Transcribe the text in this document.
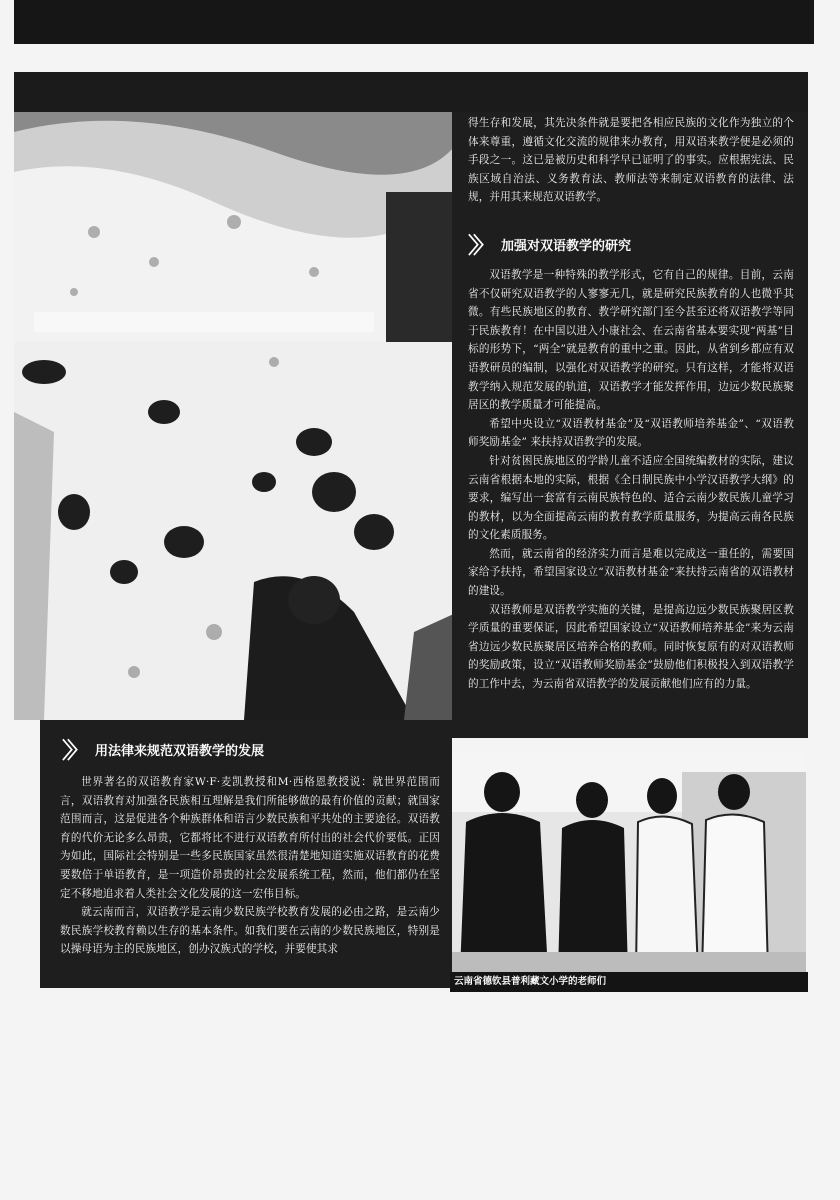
得生存和发展，其先决条件就是要把各相应民族的文化作为独立的个体来尊重，遵循文化交流的规律来办教育，用双语来教学便是必须的手段之一。这已是被历史和科学早已证明了的事实。应根据宪法、民族区域自治法、义务教育法、教师法等来制定双语教育的法律、法规，并用其来规范双语教学。

〉〉 加强对双语教学的研究

双语教学是一种特殊的教学形式，它有自己的规律。目前，云南省不仅研究双语教学的人寥寥无几，就是研究民族教育的人也微乎其微。有些民族地区的教育、教学研究部门至今甚至还将双语教学等同于民族教育！在中国以进入小康社会、在云南省基本要实现“两基”目标的形势下，“两全”就是教育的重中之重。因此，从省到乡都应有双语教研员的编制，以强化对双语教学的研究。只有这样，才能将双语教学纳入规范发展的轨道，双语教学才能发挥作用，边远少数民族聚居区的教学质量才可能提高。

希望中央设立“双语教材基金”及“双语教师培养基金”、“双语教师奖励基金” 来扶持双语教学的发展。

针对贫困民族地区的学龄儿童不适应全国统编教材的实际，建议云南省根据本地的实际，根据《全日制民族中小学汉语教学大纲》的要求，编写出一套富有云南民族特色的、适合云南少数民族儿童学习的教材，以为全面提高云南的教育教学质量服务，为提高云南各民族的文化素质服务。

然而，就云南省的经济实力而言是难以完成这一重任的，需要国家给予扶持，希望国家设立“双语教材基金”来扶持云南省的双语教材的建设。

双语教师是双语教学实施的关键，是提高边远少数民族聚居区教学质量的重要保证，因此希望国家设立“双语教师培养基金”来为云南省边远少数民族聚居区培养合格的教师。同时恢复原有的对双语教师的奖励政策，设立“双语教师奖励基金”鼓励他们积极投入到双语教学的工作中去，为云南省双语教学的发展贡献他们应有的力量。

〉〉 用法律来规范双语教学的发展

世界著名的双语教育家W·F·麦凯教授和M·西格恩教授说：就世界范围而言，双语教育对加强各民族相互理解是我们所能够做的最有价值的贡献；就国家范围而言，这是促进各个种族群体和语言少数民族和平共处的主要途径。双语教育的代价无论多么昂贵，它都将比不进行双语教育所付出的社会代价要低。正因为如此，国际社会特别是一些多民族国家虽然很清楚地知道实施双语教育的花费要数倍于单语教育，是一项造价昂贵的社会发展系统工程，然而，他们都仍在坚定不移地追求着人类社会文化发展的这一宏伟目标。

就云南而言，双语教学是云南少数民族学校教育发展的必由之路，是云南少数民族学校教育赖以生存的基本条件。如我们要在云南的少数民族地区，特别是以操母语为主的民族地区，创办汉族式的学校，并要使其求

云南省德钦县普利藏文小学的老师们
